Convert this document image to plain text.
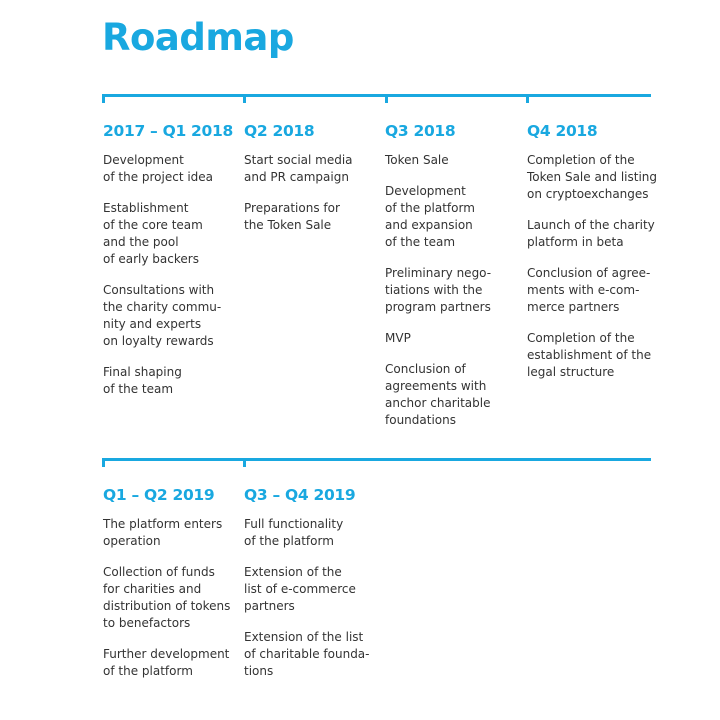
Roadmap
2017 – Q1 2018
Development
of the project idea
Establishment
of the core team
and the pool
of early backers
Consultations with
the charity commu-
nity and experts
on loyalty rewards
Final shaping
of the team
Q2 2018
Start social media
and PR campaign
Preparations for
the Token Sale
Q3 2018
Token Sale
Development
of the platform
and expansion
of the team
Preliminary nego-
tiations with the
program partners
MVP
Conclusion of
agreements with
anchor charitable
foundations
Q4 2018
Completion of the
Token Sale and listing
on cryptoexchanges
Launch of the charity
platform in beta
Conclusion of agree-
ments with e-com-
merce partners
Completion of the
establishment of the
legal structure
Q1 – Q2 2019
The platform enters
operation
Collection of funds
for charities and
distribution of tokens
to benefactors
Further development
of the platform
Q3 – Q4 2019
Full functionality
of the platform
Extension of the
list of e-commerce
partners
Extension of the list
of charitable founda-
tions
